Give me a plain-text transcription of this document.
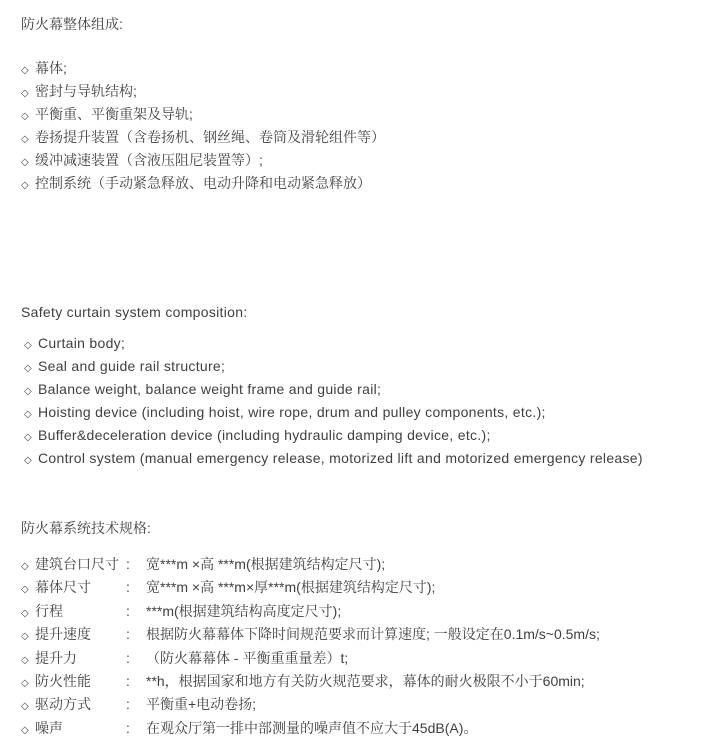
防火幕整体组成:
◇ 幕体;
◇ 密封与导轨结构;
◇ 平衡重、平衡重架及导轨;
◇ 卷扬提升装置（含卷扬机、钢丝绳、卷筒及滑轮组件等）
◇ 缓冲减速装置（含液压阻尼装置等）;
◇ 控制系统（手动紧急释放、电动升降和电动紧急释放）
Safety curtain system composition:
◇ Curtain body;
◇ Seal and guide rail structure;
◇ Balance weight, balance weight frame and guide rail;
◇ Hoisting device (including hoist, wire rope, drum and pulley components, etc.);
◇ Buffer&deceleration device (including hydraulic damping device, etc.);
◇ Control system (manual emergency release, motorized lift and motorized emergency release)
防火幕系统技术规格:
◇ 建筑台口尺寸 :	宽***m ×高 ***m(根据建筑结构定尺寸);
◇ 幕体尺寸	:	宽***m ×高 ***m×厚***m(根据建筑结构定尺寸);
◇ 行程	:	***m(根据建筑结构高度定尺寸);
◇ 提升速度	:	根据防火幕幕体下降时间规范要求而计算速度; 一般设定在0.1m/s~0.5m/s;
◇ 提升力	:	（防火幕幕体 - 平衡重重量差）t;
◇ 防火性能	:	**h，根据国家和地方有关防火规范要求，幕体的耐火极限不小于60min;
◇ 驱动方式	:	平衡重+电动卷扬;
◇ 噪声	:	在观众厅第一排中部测量的噪声值不应大于45dB(A)。
